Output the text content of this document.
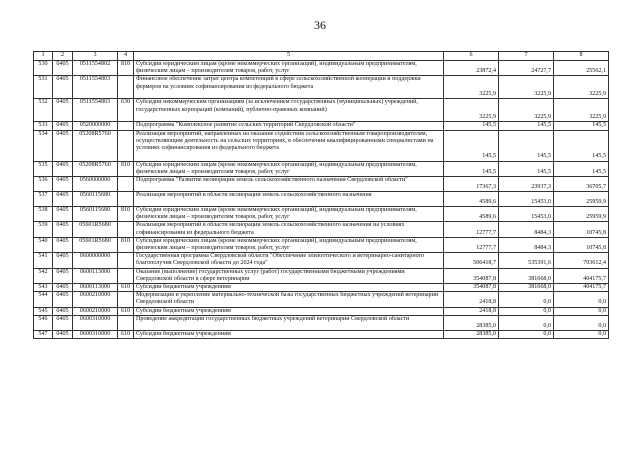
36
1	2	3	4	5	6	7	8
530	0405	0511554802	810	Субсидии юридическим лицам (кроме некоммерческих организаций), индивидуальным предпринимателям, физическим лицам – производителям товаров, работ, услуг	23872,4	24727,7	25562,1
531	0405	0511554803		Финансовое обеспечение затрат центра компетенций в сфере сельскохозяйственной кооперации и поддержки фермеров на условиях софинансирования из федерального бюджета	3225,9	3225,9	3225,9
532	0405	0511554803	630	Субсидии некоммерческим организациям (за исключением государственных (муниципальных) учреждений, государственных корпораций (компаний), публично-правовых компаний)	3225,9	3225,9	3225,9
533	0405	0520000000		Подпрограмма "Комплексное развитие сельских территорий Свердловской области"	145,5	145,5	145,5
534	0405	05208R5760		Реализация мероприятий, направленных на оказание содействия сельскохозяйственным товаропроизводителям, осуществляющим деятельность на сельских территориях, в обеспечении квалифицированными специалистами на условиях софинансирования из федерального бюджета	145,5	145,5	145,5
535	0405	05208R5760	810	Субсидии юридическим лицам (кроме некоммерческих организаций), индивидуальным предпринимателям, физическим лицам – производителям товаров, работ, услуг	145,5	145,5	145,5
536	0405	0560000000		Подпрограмма "Развитие мелиорации земель сельскохозяйственного назначения Свердловской области"	17367,3	23937,3	36705,7
537	0405	0560115680		Реализация мероприятий в области мелиорации земель сельскохозяйственного назначения	4589,6	15453,0	25959,9
538	0405	0560115680	810	Субсидии юридическим лицам (кроме некоммерческих организаций), индивидуальным предпринимателям, физическим лицам – производителям товаров, работ, услуг	4589,6	15453,0	25959,9
539	0405	05601R5680		Реализация мероприятий в области мелиорации земель сельскохозяйственного назначения на условиях софинансирования из федерального бюджета	12777,7	8484,3	10745,8
540	0405	05601R5680	810	Субсидии юридическим лицам (кроме некоммерческих организаций), индивидуальным предпринимателям, физическим лицам – производителям товаров, работ, услуг	12777,7	8484,3	10745,8
541	0405	0600000000		Государственная программа Свердловской области "Обеспечение эпизоотического и ветеринарно-санитарного благополучия Свердловской области до 2024 года"	506418,7	535391,6	703612,4
542	0405	0600113000		Оказание (выполнение) государственных услуг (работ) государственными бюджетными учреждениями Свердловской области в сфере ветеринарии	354087,8	381668,0	404175,7
543	0405	0600113000	610	Субсидии бюджетным учреждениям	354087,8	381668,0	404175,7
544	0405	0600210000		Модернизация и укрепление материально-технической базы государственных бюджетных учреждений ветеринарии Свердловской области	2418,8	0,0	0,0
545	0405	0600210000	610	Субсидии бюджетным учреждениям	2418,8	0,0	0,0
546	0405	0600310000		Проведение аккредитации государственных бюджетных учреждений ветеринарии Свердловской области	28385,0	0,0	0,0
547	0405	0600310000	610	Субсидии бюджетным учреждениям	28385,0	0,0	0,0
